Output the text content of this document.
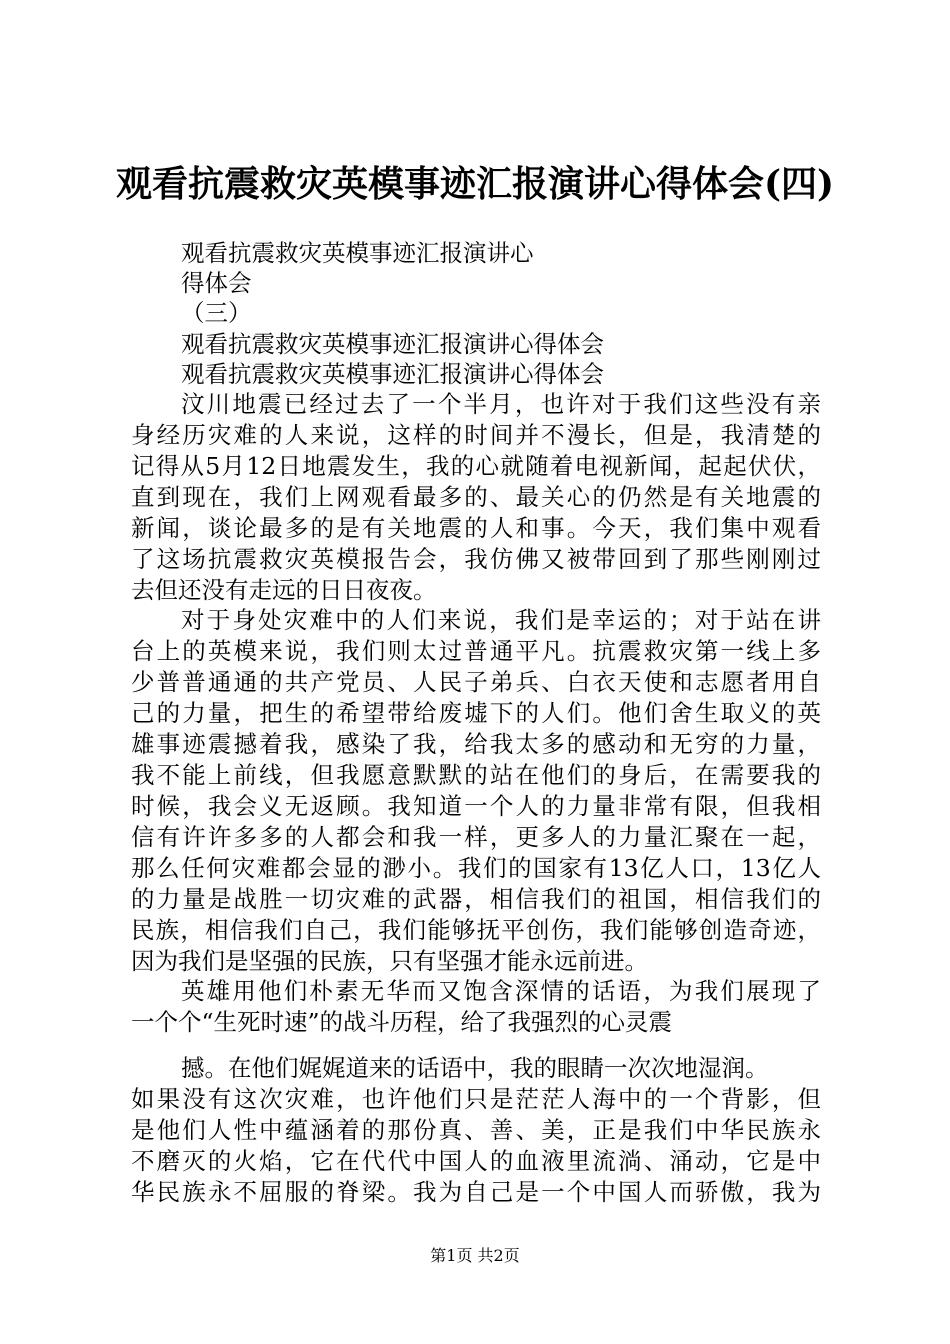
观看抗震救灾英模事迹汇报演讲心得体会(四)
观看抗震救灾英模事迹汇报演讲心
得体会
（三）
观看抗震救灾英模事迹汇报演讲心得体会
观看抗震救灾英模事迹汇报演讲心得体会
汶川地震已经过去了一个半月，也许对于我们这些没有亲
身经历灾难的人来说，这样的时间并不漫长，但是，我清楚的
记得从5月12日地震发生，我的心就随着电视新闻，起起伏伏，
直到现在，我们上网观看最多的、最关心的仍然是有关地震的
新闻，谈论最多的是有关地震的人和事。今天，我们集中观看
了这场抗震救灾英模报告会，我仿佛又被带回到了那些刚刚过
去但还没有走远的日日夜夜。
对于身处灾难中的人们来说，我们是幸运的；对于站在讲
台上的英模来说，我们则太过普通平凡。抗震救灾第一线上多
少普普通通的共产党员、人民子弟兵、白衣天使和志愿者用自
己的力量，把生的希望带给废墟下的人们。他们舍生取义的英
雄事迹震撼着我，感染了我，给我太多的感动和无穷的力量，
我不能上前线，但我愿意默默的站在他们的身后，在需要我的
时候，我会义无返顾。我知道一个人的力量非常有限，但我相
信有许许多多的人都会和我一样，更多人的力量汇聚在一起，
那么任何灾难都会显的渺小。我们的国家有13亿人口，13亿人
的力量是战胜一切灾难的武器，相信我们的祖国，相信我们的
民族，相信我们自己，我们能够抚平创伤，我们能够创造奇迹，
因为我们是坚强的民族，只有坚强才能永远前进。
英雄用他们朴素无华而又饱含深情的话语，为我们展现了
一个个“生死时速”的战斗历程，给了我强烈的心灵震
撼。在他们娓娓道来的话语中，我的眼睛一次次地湿润。
如果没有这次灾难，也许他们只是茫茫人海中的一个背影，但
是他们人性中蕴涵着的那份真、善、美，正是我们中华民族永
不磨灭的火焰，它在代代中国人的血液里流淌、涌动，它是中
华民族永不屈服的脊梁。我为自己是一个中国人而骄傲，我为
第1页 共2页
